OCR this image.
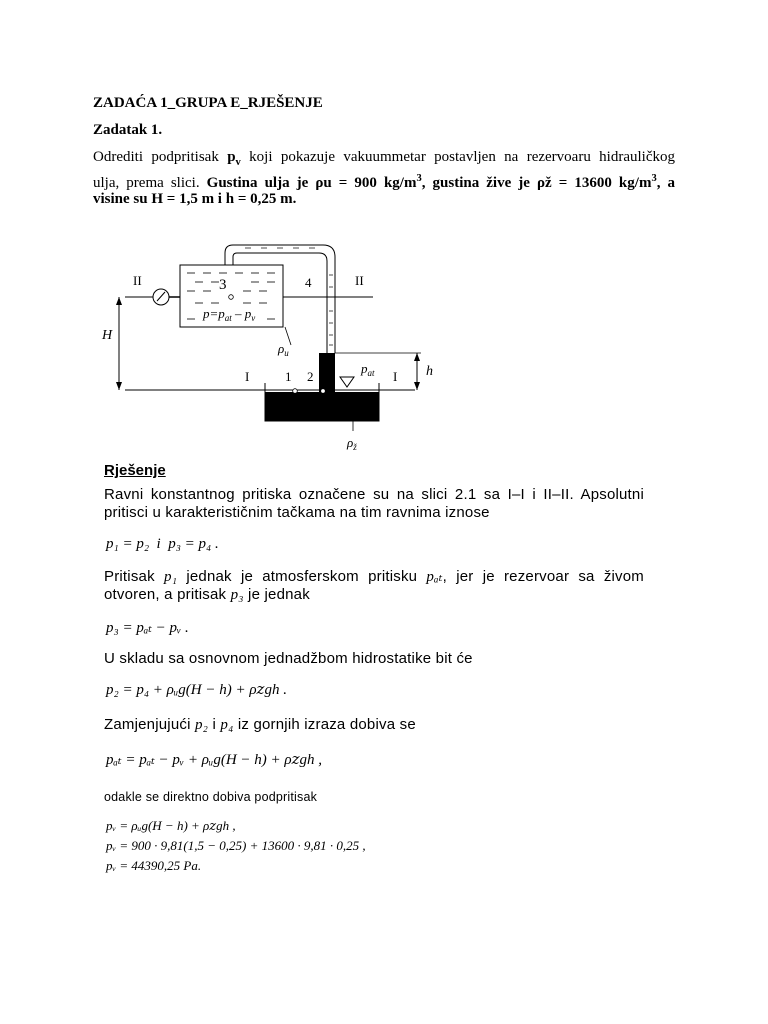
ZADAĆA 1_GRUPA E_RJEŠENJE
Zadatak 1.
Odrediti podpritisak $p_v$ koji pokazuje vakuummetar postavljen na rezervoaru hidrauličkog
ulja, prema slici. Gustina ulja je ρu = 900 $kg/m^3$, gustina žive je ρž = 13600 $kg/m^3$, a
visine su H = 1,5 m i h = 0,25 m.
II	II
I	I
3	4
1 2
$p=p_{at} - p_v$
H
h
$\rho_u$
$p_{at}$
$\rho_ž$
Rješenje
Ravni konstantnog pritiska označene su na slici 2.1 sa I–I i II–II. Apsolutni
pritisci u karakterističnim tačkama na tim ravnima iznose
p₁ = p₂  i  p₃ = p₄ .
Pritisak p₁ jednak je atmosferskom pritisku pₐₜ, jer je rezervoar sa živom
otvoren, a pritisak p₃ je jednak
p₃ = pₐₜ − pᵥ .
U skladu sa osnovnom jednadžbom hidrostatike bit će
p₂ = p₄ + ρᵤg(H − h) + ρ𝑧gh .
Zamjenjujući p₂ i p₄ iz gornjih izraza dobiva se
pₐₜ = pₐₜ − pᵥ + ρᵤg(H − h) + ρ𝑧gh ,
odakle se direktno dobiva podpritisak
pᵥ = ρᵤg(H − h) + ρ𝑧gh ,
pᵥ = 900 · 9,81(1,5 − 0,25) + 13600 · 9,81 · 0,25 ,
pᵥ = 44390,25 Pa.
